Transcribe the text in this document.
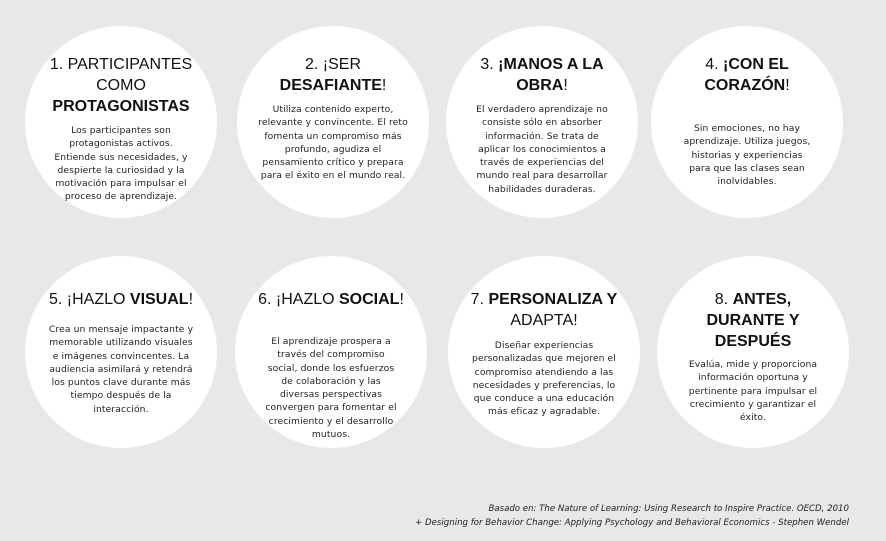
1. PARTICIPANTES
COMO
PROTAGONISTAS
Los participantes son protagonistas activos. Entiende sus necesidades, y despierte la curiosidad y la motivación para impulsar el proceso de aprendizaje.
2. ¡SER
DESAFIANTE!
Utiliza contenido experto, relevante y convincente. El reto fomenta un compromiso más profundo, agudiza el pensamiento crítico y prepara para el éxito en el mundo real.
3. ¡MANOS A LA OBRA!
El verdadero aprendizaje no consiste sólo en absorber información. Se trata de aplicar los conocimientos a través de experiencias del mundo real para desarrollar habilidades duraderas.
4. ¡CON EL CORAZÓN!
Sin emociones, no hay aprendizaje. Utiliza juegos, historias y experiencias para que las clases sean inolvidables.
5. ¡HAZLO VISUAL!
Crea un mensaje impactante y memorable utilizando visuales e imágenes convincentes. La audiencia asimilará y retendrá los puntos clave durante más tiempo después de la interacción.
6. ¡HAZLO SOCIAL!
El aprendizaje prospera a través del compromiso social, donde los esfuerzos de colaboración y las diversas perspectivas convergen para fomentar el crecimiento y el desarrollo mutuos.
7. PERSONALIZA Y
ADAPTA!
Diseñar experiencias personalizadas que mejoren el compromiso atendiendo a las necesidades y preferencias, lo que conduce a una educación más eficaz y agradable.
8. ANTES, DURANTE Y DESPUÉS
Evalúa, mide y proporciona información oportuna y pertinente para impulsar el crecimiento y garantizar el éxito.
Basado en: The Nature of Learning: Using Research to Inspire Practice. OECD, 2010
+ Designing for Behavior Change: Applying Psychology and Behavioral Economics - Stephen Wendel
